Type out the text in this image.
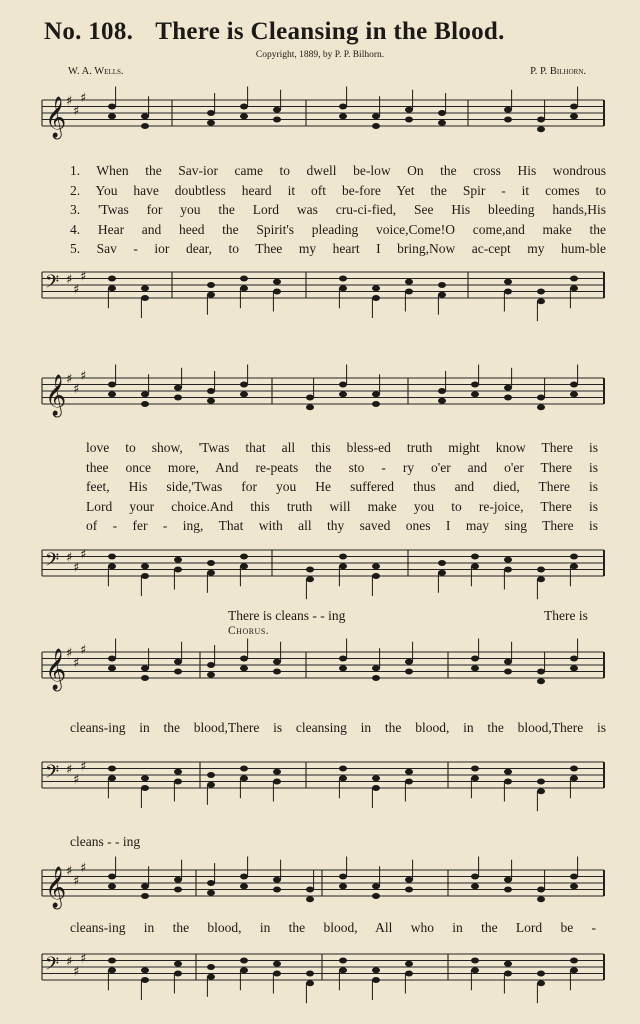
No. 108. There is Cleansing in the Blood.
Copyright, 1889, by P. P. Bilhorn.
W. A. Wells.	P. P. Bilhorn.
𝄞 ♯
♯
♯
𝄢 ♯
♯
♯
𝄞 ♯
♯
♯
𝄢 ♯
♯
♯
𝄞 ♯
♯
♯
𝄢 ♯
♯
♯
𝄞 ♯
♯
♯
𝄢 ♯
♯
♯
1. When the Sav-ior came to dwell be-low On the cross His wondrous
2. You have doubtless heard it oft be-fore Yet the Spir - it comes to
3. 'Twas for you the Lord was cru-ci-fied, See His bleeding hands,His
4. Hear and heed the Spirit's pleading voice,Come!O come,and make the
5. Sav - ior dear, to Thee my heart I bring,Now ac-cept my hum-ble
love to show, 'Twas that all this bless-ed truth might know There is
thee once more, And re-peats the sto - ry o'er and o'er There is
feet, His side,'Twas for you He suffered thus and died, There is
Lord your choice.And this truth will make you to re-joice, There is
of - fer - ing, That with all thy saved ones I may sing There is
There is cleans - - ing	There is
Chorus.
cleans-ing in the blood,There is cleansing in the blood, in the blood,There is
cleans - - ing
cleans-ing in the blood, in the blood, All who in the Lord be -
